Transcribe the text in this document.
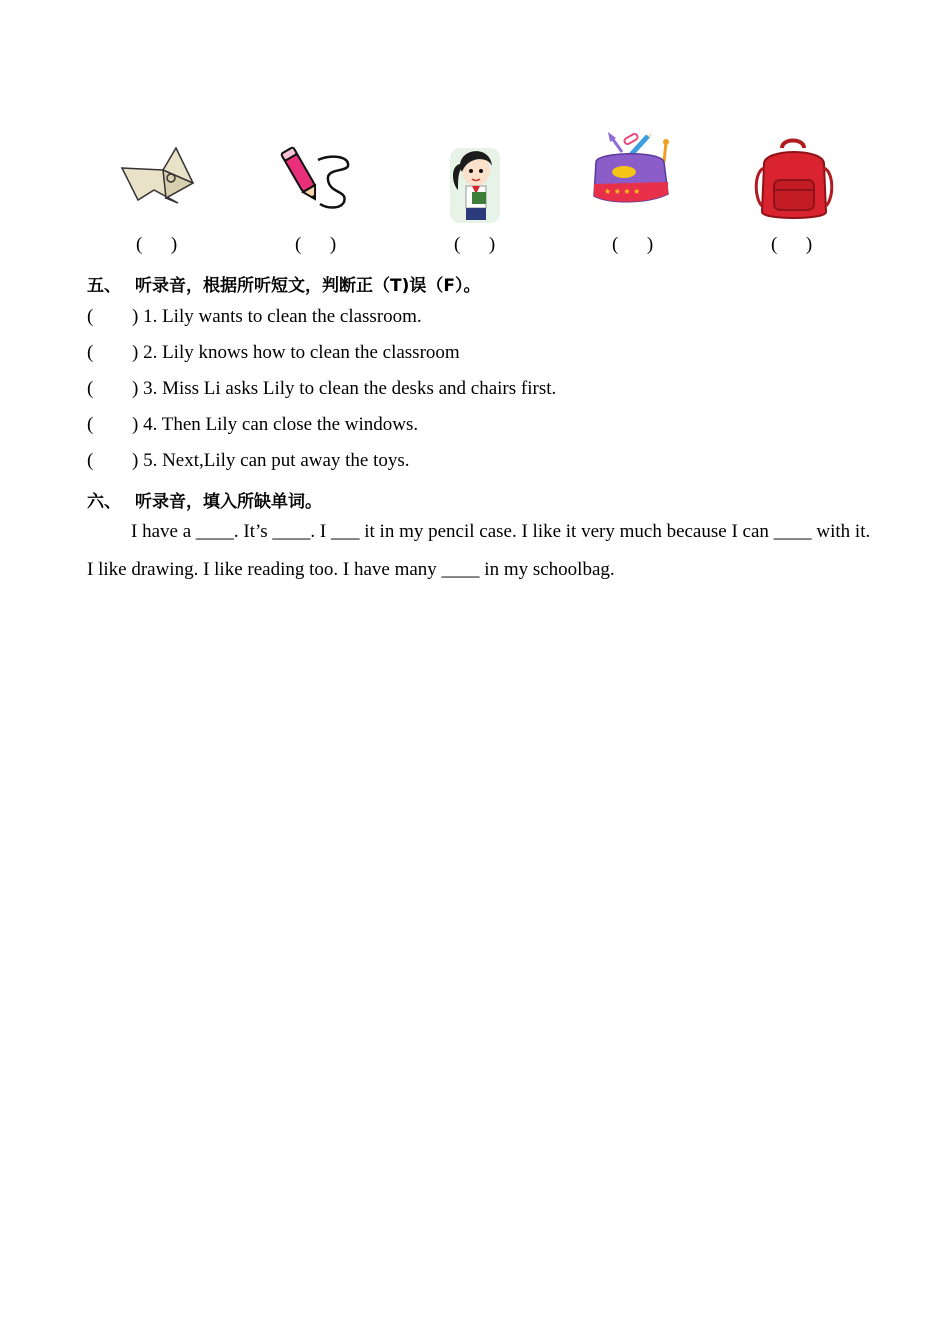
★ ★ ★ ★
(      )	(      )	(      )	(      )	(      )
五、 听录音，根据所听短文，判断正（T)误（F）。
( ) 1. Lily wants to clean the classroom.
( ) 2. Lily knows how to clean the classroom
( ) 3. Miss Li asks Lily to clean the desks and chairs first.
( ) 4. Then Lily can close the windows.
( ) 5. Next,Lily can put away the toys.
六、 听录音，填入所缺单词。
I have a ____. It’s ____. I ___ it in my pencil case. I like it very much because I can ____ with it.
I like drawing. I like reading too. I have many ____ in my schoolbag.
